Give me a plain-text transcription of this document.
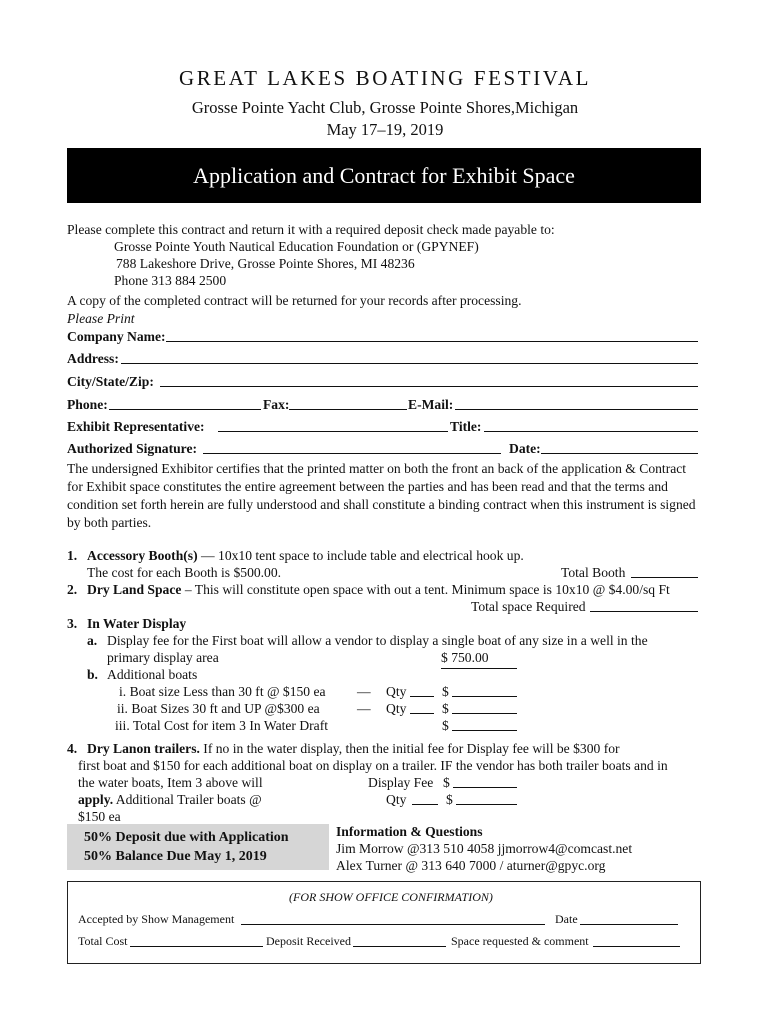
GREAT LAKES BOATING FESTIVAL
Grosse Pointe Yacht Club, Grosse Pointe Shores,Michigan
May 17–19, 2019
Application and Contract for Exhibit Space
Please complete this contract and return it with a required deposit check made payable to:
Grosse Pointe Youth Nautical Education Foundation or (GPYNEF)
788 Lakeshore Drive, Grosse Pointe Shores, MI 48236
Phone 313 884 2500
A copy of the completed contract will be returned for your records after processing.
Please Print
Company Name:
Address:
City/State/Zip:
Phone:	Fax:	E-Mail:
Exhibit Representative:	Title:
Authorized Signature:	Date:
The undersigned Exhibitor certifies that the printed matter on both the front an back of the application & Contract for Exhibit space constitutes the entire agreement between the parties and has been read and that the terms and condition set forth herein are fully understood and shall constitute a binding contract when this instrument is signed by both parties.
1. Accessory Booth(s) — 10x10 tent space to include table and electrical hook up.
The cost for each Booth is $500.00.	Total Booth
2. Dry Land Space – This will constitute open space with out a tent. Minimum space is 10x10 @ $4.00/sq Ft
Total space Required
3. In Water Display
a. Display fee for the First boat will allow a vendor to display a single boat of any size in a well in the
primary display area	$ 750.00
b. Additional boats
i. Boat size Less than 30 ft @ $150 ea — Qty	$
ii. Boat Sizes 30 ft and UP @$300 ea	— Qty	$
iii. Total Cost for item 3 In Water Draft	$
4. Dry Lanon trailers. If no in the water display, then the initial fee for Display fee will be $300 for
first boat and $150 for each additional boat on display on a trailer. IF the vendor has both trailer boats and in
the water boats, Item 3 above will	Display Fee $
apply. Additional Trailer boats @	Qty	$
$150 ea
50% Deposit due with Application
50% Balance Due May 1, 2019
Information & Questions
Jim Morrow @313 510 4058 jjmorrow4@comcast.net
Alex Turner @ 313 640 7000 / aturner@gpyc.org
(FOR SHOW OFFICE CONFIRMATION)
Accepted by Show Management	Date
Total Cost	Deposit Received	Space requested & comment
